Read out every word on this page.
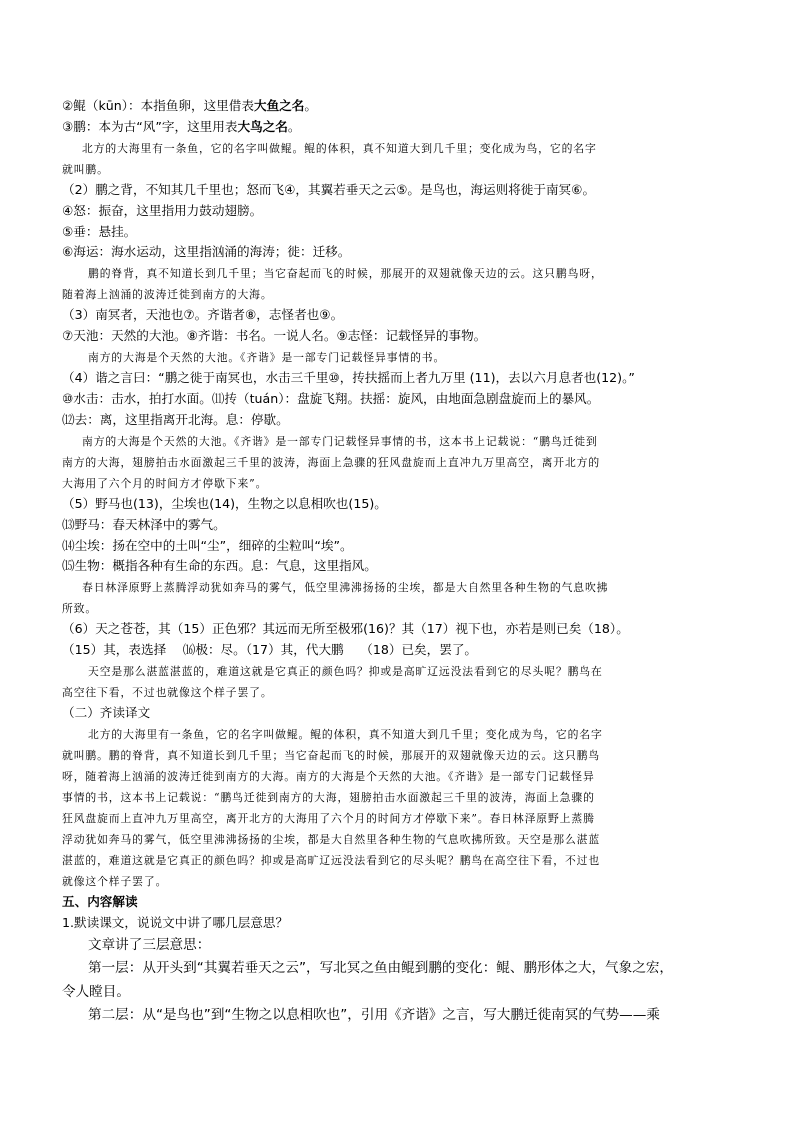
②鲲（kūn）：本指鱼卵，这里借表大鱼之名。
③鹏：本为古“风”字，这里用表大鸟之名。
北方的大海里有一条鱼，它的名字叫做鲲。鲲的体积，真不知道大到几千里；变化成为鸟，它的名字
就叫鹏。
（2）鹏之背，不知其几千里也；怒而飞④，其翼若垂天之云⑤。是鸟也，海运则将徙于南冥⑥。
④怒：振奋，这里指用力鼓动翅膀。
⑤垂：悬挂。
⑥海运：海水运动，这里指汹涌的海涛；徙：迁移。
鹏的脊背，真不知道长到几千里；当它奋起而飞的时候，那展开的双翅就像天边的云。这只鹏鸟呀，
随着海上汹涌的波涛迁徙到南方的大海。
（3）南冥者，天池也⑦。齐谐者⑧，志怪者也⑨。
⑦天池：天然的大池。⑧齐谐：书名。一说人名。⑨志怪：记载怪异的事物。
南方的大海是个天然的大池。《齐谐》是一部专门记载怪异事情的书。
（4）谐之言曰：“鹏之徙于南冥也，水击三千里⑩，抟扶摇而上者九万里 (11)，去以六月息者也(12)。”
⑩水击：击水，拍打水面。⑾抟（tuán）：盘旋飞翔。扶摇：旋风，由地面急剧盘旋而上的暴风。
⑿去：离，这里指离开北海。息：停歇。
南方的大海是个天然的大池。《齐谐》是一部专门记载怪异事情的书，这本书上记载说：“鹏鸟迁徙到
南方的大海，翅膀拍击水面激起三千里的波涛，海面上急骤的狂风盘旋而上直冲九万里高空，离开北方的
大海用了六个月的时间方才停歇下来”。
（5）野马也(13)，尘埃也(14)，生物之以息相吹也(15)。
⒀野马：春天林泽中的雾气。
⒁尘埃：扬在空中的土叫“尘”，细碎的尘粒叫“埃”。
⒂生物：概指各种有生命的东西。息：气息，这里指风。
春日林泽原野上蒸腾浮动犹如奔马的雾气，低空里沸沸扬扬的尘埃，都是大自然里各种生物的气息吹拂
所致。
（6）天之苍苍，其（15）正色邪？其远而无所至极邪(16)？其（17）视下也，亦若是则已矣（18）。
（15）其，表选择　 ⒃极：尽。（17）其，代大鹏　 （18）已矣，罢了。
天空是那么湛蓝湛蓝的，难道这就是它真正的颜色吗？抑或是高旷辽远没法看到它的尽头呢？鹏鸟在
高空往下看，不过也就像这个样子罢了。
（二）齐读译文
北方的大海里有一条鱼，它的名字叫做鲲。鲲的体积，真不知道大到几千里；变化成为鸟，它的名字
就叫鹏。鹏的脊背，真不知道长到几千里；当它奋起而飞的时候，那展开的双翅就像天边的云。这只鹏鸟
呀，随着海上汹涌的波涛迁徙到南方的大海。南方的大海是个天然的大池。《齐谐》是一部专门记载怪异
事情的书，这本书上记载说：“鹏鸟迁徙到南方的大海，翅膀拍击水面激起三千里的波涛，海面上急骤的
狂风盘旋而上直冲九万里高空，离开北方的大海用了六个月的时间方才停歇下来”。春日林泽原野上蒸腾
浮动犹如奔马的雾气，低空里沸沸扬扬的尘埃，都是大自然里各种生物的气息吹拂所致。天空是那么湛蓝
湛蓝的，难道这就是它真正的颜色吗？抑或是高旷辽远没法看到它的尽头呢？鹏鸟在高空往下看，不过也
就像这个样子罢了。
五、内容解读
1.默读课文，说说文中讲了哪几层意思？
文章讲了三层意思：
第一层：从开头到“其翼若垂天之云”，写北冥之鱼由鲲到鹏的变化：鲲、鹏形体之大，气象之宏，
令人瞠目。
第二层：从“是鸟也”到“生物之以息相吹也”，引用《齐谐》之言，写大鹏迁徙南冥的气势——乘
